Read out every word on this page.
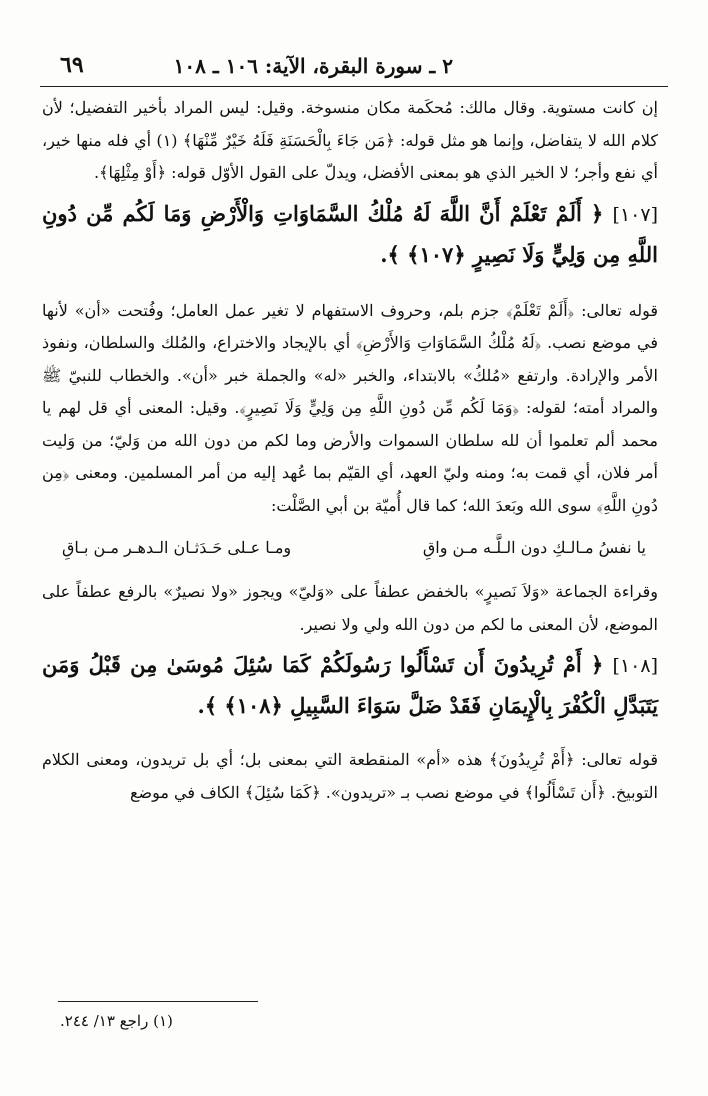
٦٩	٢ ـ سورة البقرة، الآية: ١٠٦ ـ ١٠٨

إن كانت مستوية. وقال مالك: مُحكَمة مكان منسوخة. وقيل: ليس المراد بأخير التفضيل؛ لأن كلام الله لا يتفاضل، وإنما هو مثل قوله: ﴿مَن جَاءَ بِالْحَسَنَةِ فَلَهُ خَيْرٌ مِّنْهَا﴾ (١) أي فله منها خير، أي نفع وأجر؛ لا الخير الذي هو بمعنى الأفضل، ويدلّ على القول الأوّل قوله: ﴿أَوْ مِثْلِهَا﴾.

[١٠٧] ﴿ أَلَمْ تَعْلَمْ أَنَّ اللَّهَ لَهُ مُلْكُ السَّمَاوَاتِ وَالْأَرْضِ وَمَا لَكُم مِّن دُونِ اللَّهِ مِن وَلِيٍّ وَلَا نَصِيرٍ ﴿١٠٧﴾ ﴾.

قوله تعالى: ﴿أَلَمْ تَعْلَمْ﴾ جزم بلم، وحروف الاستفهام لا تغير عمل العامل؛ وفُتحت «أن» لأنها في موضع نصب. ﴿لَهُ مُلْكُ السَّمَاوَاتِ وَالأَرْضِ﴾ أي بالإيجاد والاختراع، والمُلك والسلطان، ونفوذ الأمر والإرادة. وارتفع «مُلكُ» بالابتداء، والخبر «له» والجملة خبر «أن». والخطاب للنبيّ ﷺ والمراد أمته؛ لقوله: ﴿وَمَا لَكُم مِّن دُونِ اللَّهِ مِن وَلِيٍّ وَلَا نَصِيرٍ﴾. وقيل: المعنى أي قل لهم يا محمد ألم تعلموا أن لله سلطان السموات والأرض وما لكم من دون الله من وَليّ؛ من وَليت أمر فلان، أي قمت به؛ ومنه وليّ العهد، أي القيّم بما عُهد إليه من أمر المسلمين. ومعنى ﴿مِن دُونِ اللَّهِ﴾ سوى الله وبَعدَ الله؛ كما قال أُميّة بن أبي الصَّلْت:

يا نفسُ مـالـكِ دون الـلَّـه مـن واقِ
ومـا عـلى حَـدَثـان الـدهـر مـن بـاقِ

وقراءة الجماعة «وَلاَ نَصيرٍ» بالخفض عطفاً على «وَليّ» ويجوز «ولا نصيرٌ» بالرفع عطفاً على الموضع، لأن المعنى ما لكم من دون الله ولي ولا نصير.

[١٠٨] ﴿ أَمْ تُرِيدُونَ أَن تَسْأَلُوا رَسُولَكُمْ كَمَا سُئِلَ مُوسَىٰ مِن قَبْلُ وَمَن يَتَبَدَّلِ الْكُفْرَ بِالْإِيمَانِ فَقَدْ ضَلَّ سَوَاءَ السَّبِيلِ ﴿١٠٨﴾ ﴾.

قوله تعالى: ﴿أَمْ تُرِيدُونَ﴾ هذه «أم» المنقطعة التي بمعنى بل؛ أي بل تريدون، ومعنى الكلام التوبيخ. ﴿أَن تَسْأَلُوا﴾ في موضع نصب بـ «تريدون». ﴿كَمَا سُئِلَ﴾ الكاف في موضع

(١) راجع ١٣/ ٢٤٤.
